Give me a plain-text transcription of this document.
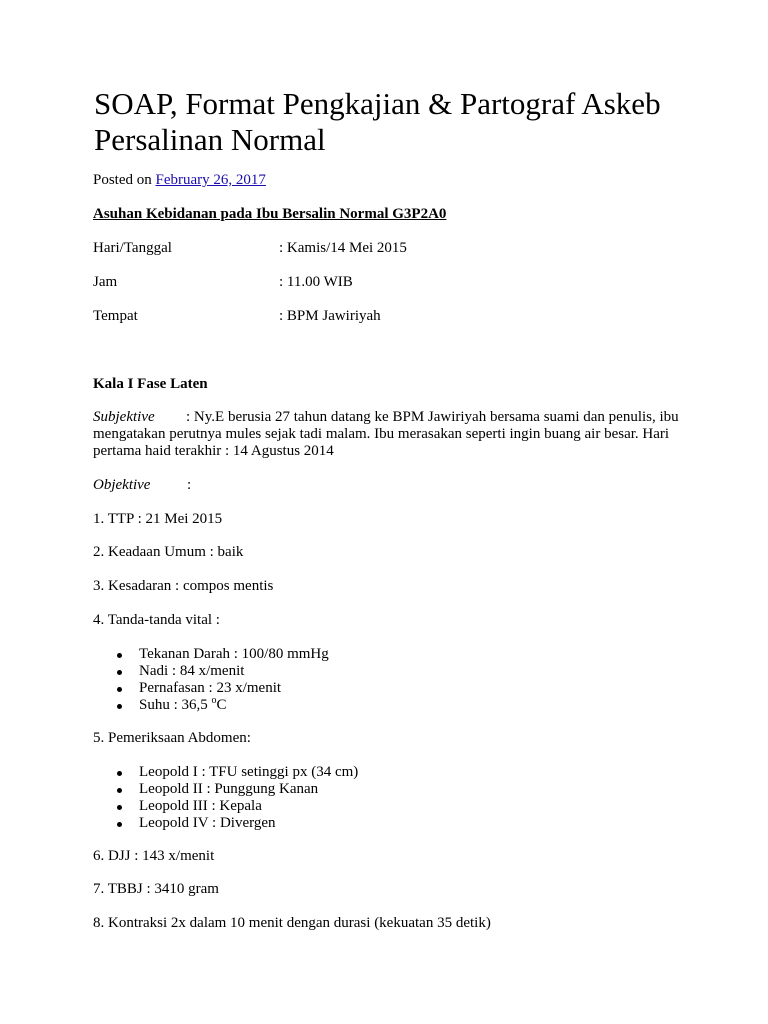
SOAP, Format Pengkajian & Partograf Askeb Persalinan Normal

Posted on February 26, 2017

Asuhan Kebidanan pada Ibu Bersalin Normal G3P2A0

Hari/Tanggal	: Kamis/14 Mei 2015
Jam	: 11.00 WIB
Tempat	: BPM Jawiriyah

Kala I Fase Laten

Subjektive : Ny.E berusia 27 tahun datang ke BPM Jawiriyah bersama suami dan penulis, ibu mengatakan perutnya mules sejak tadi malam. Ibu merasakan seperti ingin buang air besar. Hari pertama haid terakhir : 14 Agustus 2014

Objektive :

1. TTP : 21 Mei 2015

2. Keadaan Umum : baik

3. Kesadaran : compos mentis

4. Tanda-tanda vital :

Tekanan Darah : 100/80 mmHg
Nadi : 84 x/menit
Pernafasan : 23 x/menit
Suhu : 36,5 $^o$C

5. Pemeriksaan Abdomen:

Leopold I : TFU setinggi px (34 cm)
Leopold II : Punggung Kanan
Leopold III : Kepala
Leopold IV : Divergen

6. DJJ : 143 x/menit

7. TBBJ : 3410 gram

8. Kontraksi 2x dalam 10 menit dengan durasi (kekuatan 35 detik)
